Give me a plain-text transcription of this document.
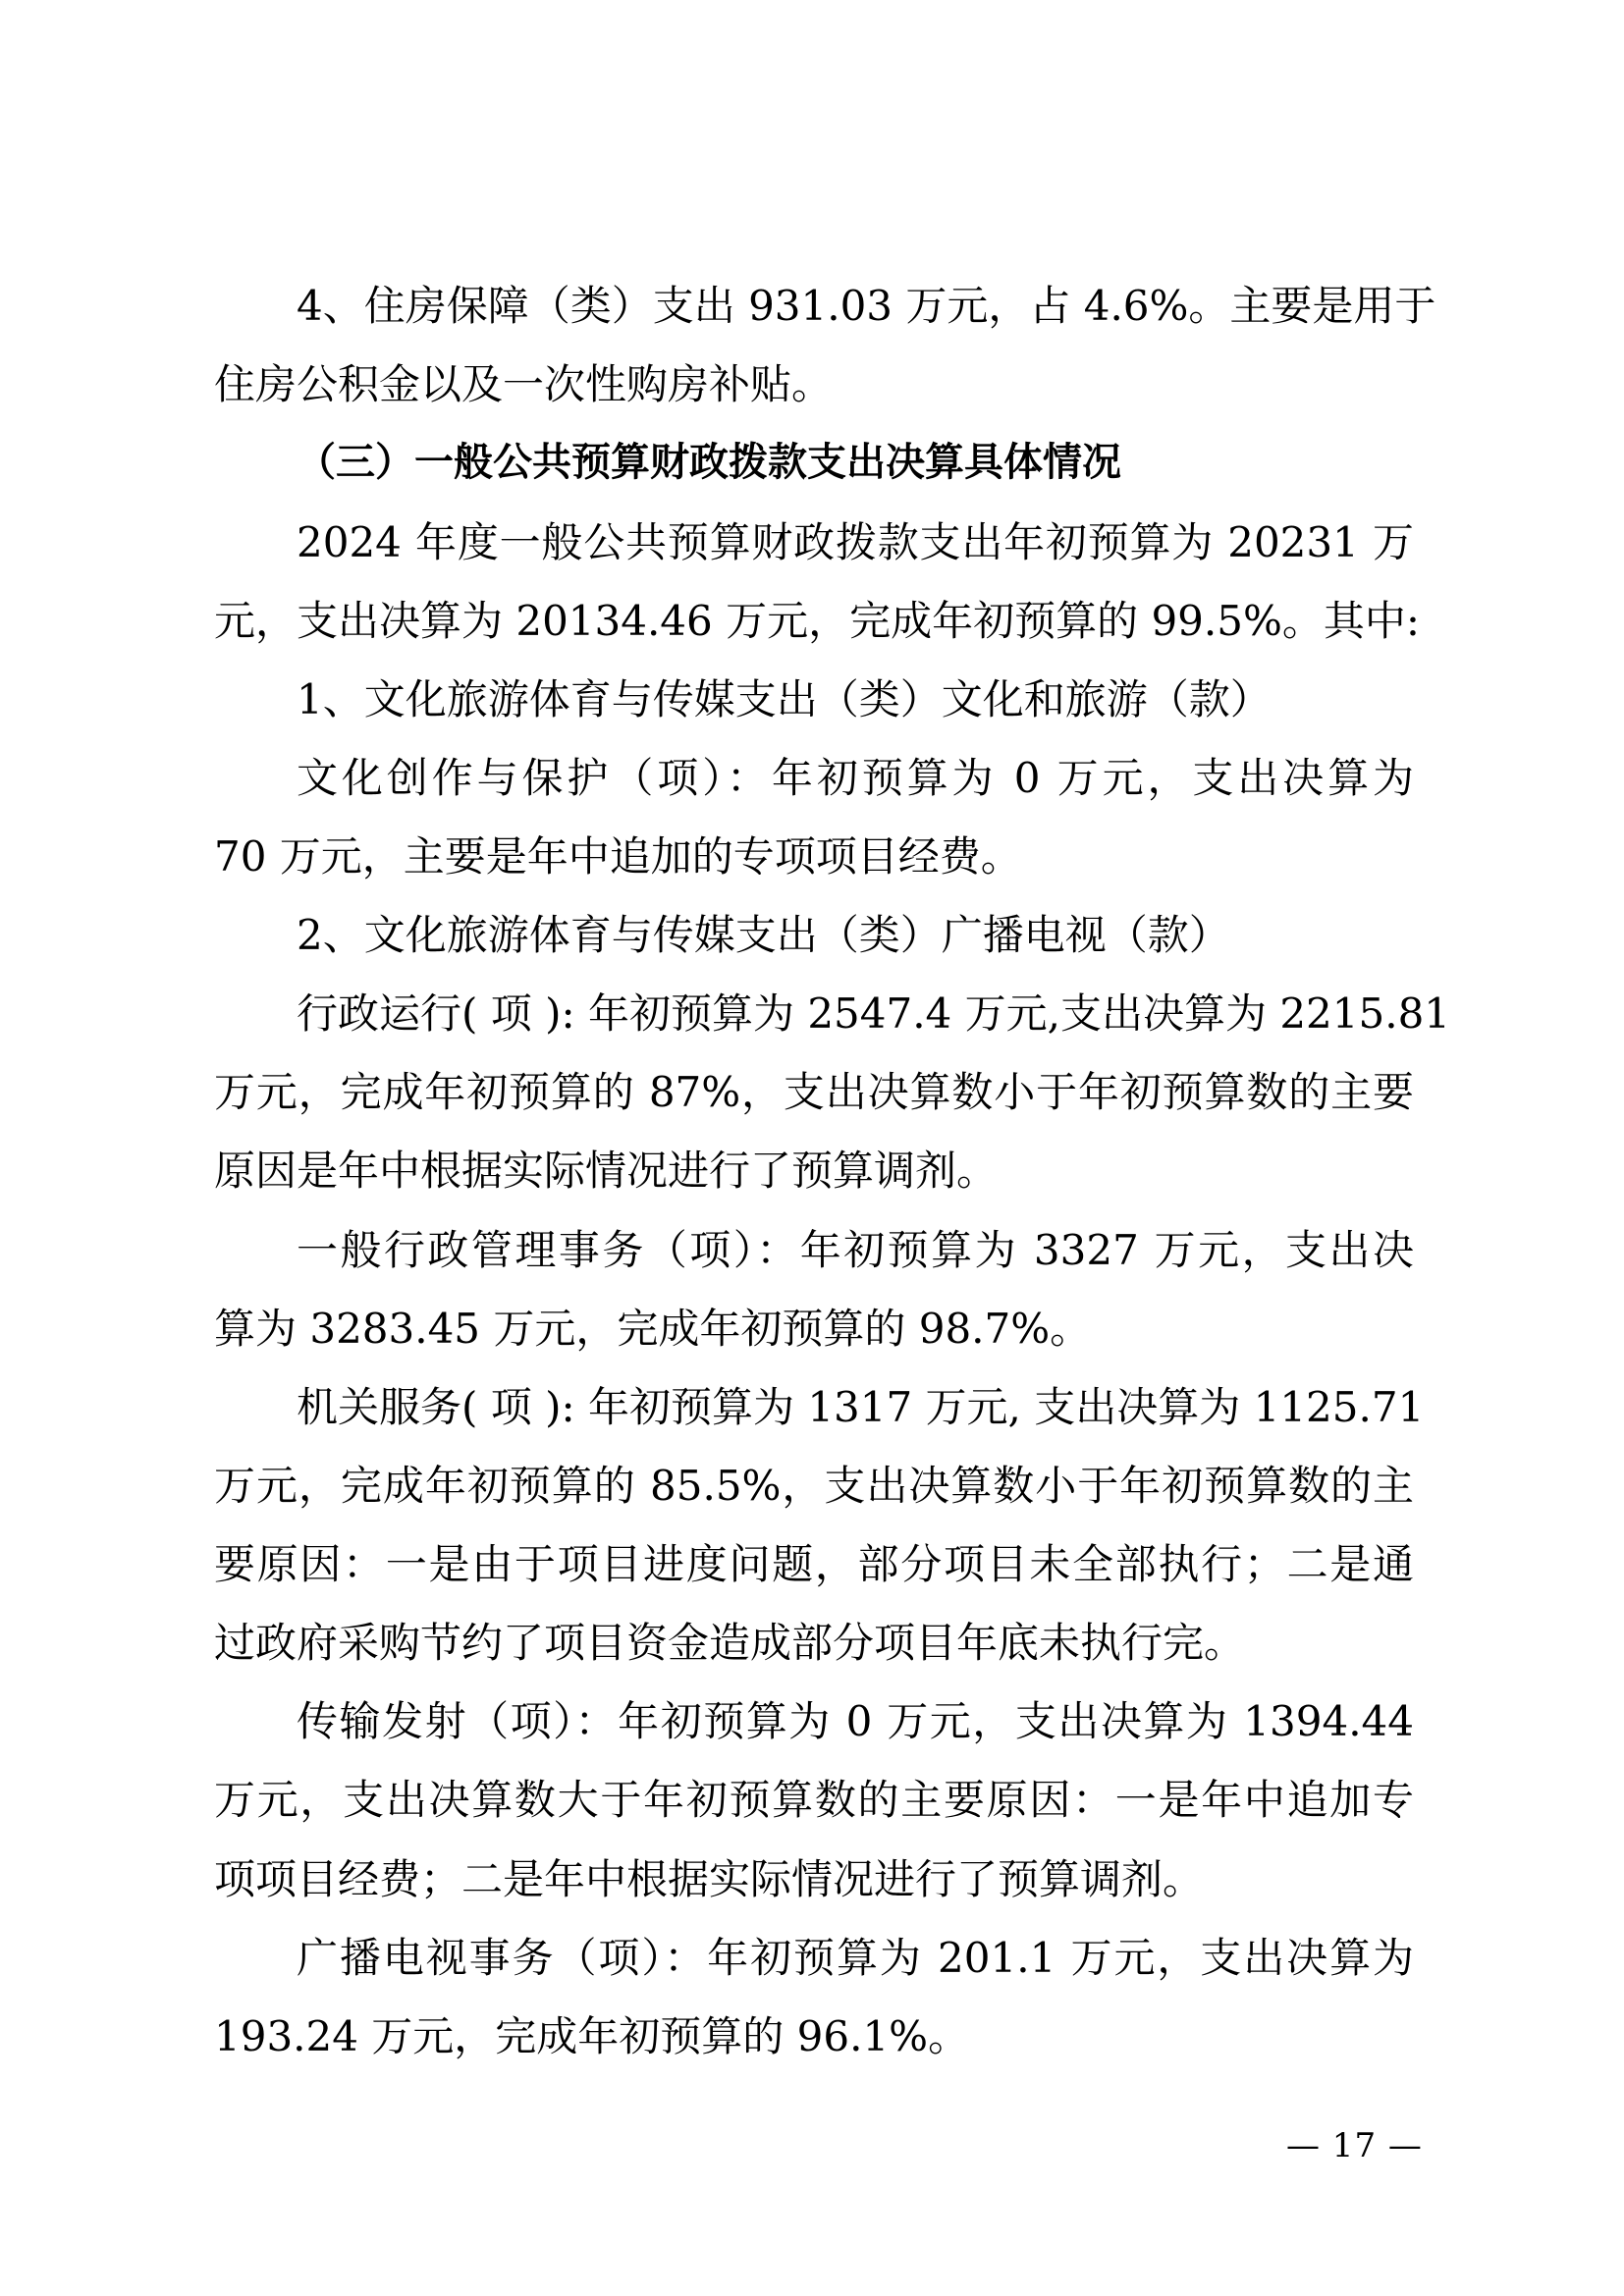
4、住房保障（类）支出 931.03 万元，占 4.6%。主要是用于
住房公积金以及一次性购房补贴。
（三）一般公共预算财政拨款支出决算具体情况
2024 年度一般公共预算财政拨款支出年初预算为 20231 万
元，支出决算为 20134.46 万元，完成年初预算的 99.5%。其中:
1、文化旅游体育与传媒支出（类）文化和旅游（款）
文化创作与保护（项）：年初预算为 0 万元，支出决算为
70 万元，主要是年中追加的专项项目经费。
2、文化旅游体育与传媒支出（类）广播电视（款）
行政运行( 项 ): 年初预算为 2547.4 万元,支出决算为 2215.81
万元，完成年初预算的 87%，支出决算数小于年初预算数的主要
原因是年中根据实际情况进行了预算调剂。
一般行政管理事务（项）：年初预算为 3327 万元，支出决
算为 3283.45 万元，完成年初预算的 98.7%。
机关服务( 项 ): 年初预算为 1317 万元, 支出决算为 1125.71
万元，完成年初预算的 85.5%，支出决算数小于年初预算数的主
要原因：一是由于项目进度问题，部分项目未全部执行；二是通
过政府采购节约了项目资金造成部分项目年底未执行完。
传输发射（项）：年初预算为 0 万元，支出决算为 1394.44
万元，支出决算数大于年初预算数的主要原因：一是年中追加专
项项目经费；二是年中根据实际情况进行了预算调剂。
广播电视事务（项）：年初预算为 201.1 万元，支出决算为
193.24 万元，完成年初预算的 96.1%。
— 17 —
